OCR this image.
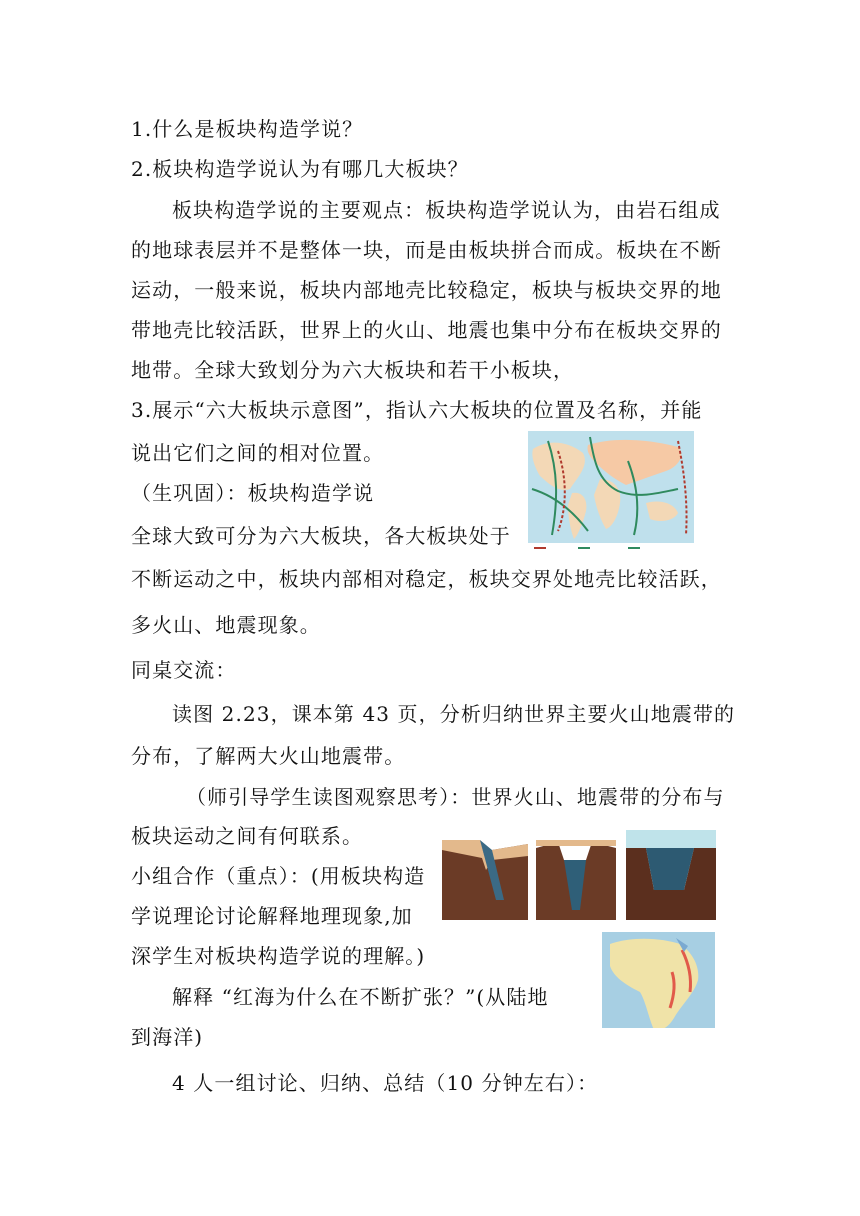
1.什么是板块构造学说？
2.板块构造学说认为有哪几大板块？
板块构造学说的主要观点：板块构造学说认为，由岩石组成
的地球表层并不是整体一块，而是由板块拼合而成。板块在不断
运动，一般来说，板块内部地壳比较稳定，板块与板块交界的地
带地壳比较活跃，世界上的火山、地震也集中分布在板块交界的
地带。全球大致划分为六大板块和若干小板块，
3.展示“六大板块示意图”，指认六大板块的位置及名称，并能
说出它们之间的相对位置。
（生巩固）：板块构造学说
全球大致可分为六大板块，各大板块处于
不断运动之中，板块内部相对稳定，板块交界处地壳比较活跃，
多火山、地震现象。
同桌交流：
读图 2.23，课本第 43 页，分析归纳世界主要火山地震带的
分布，了解两大火山地震带。
（师引导学生读图观察思考）：世界火山、地震带的分布与
板块运动之间有何联系。
小组合作（重点）：(用板块构造
学说理论讨论解释地理现象,加
深学生对板块构造学说的理解。)
解释 “红海为什么在不断扩张？”(从陆地
到海洋)
4 人一组讨论、归纳、总结（10 分钟左右）：
